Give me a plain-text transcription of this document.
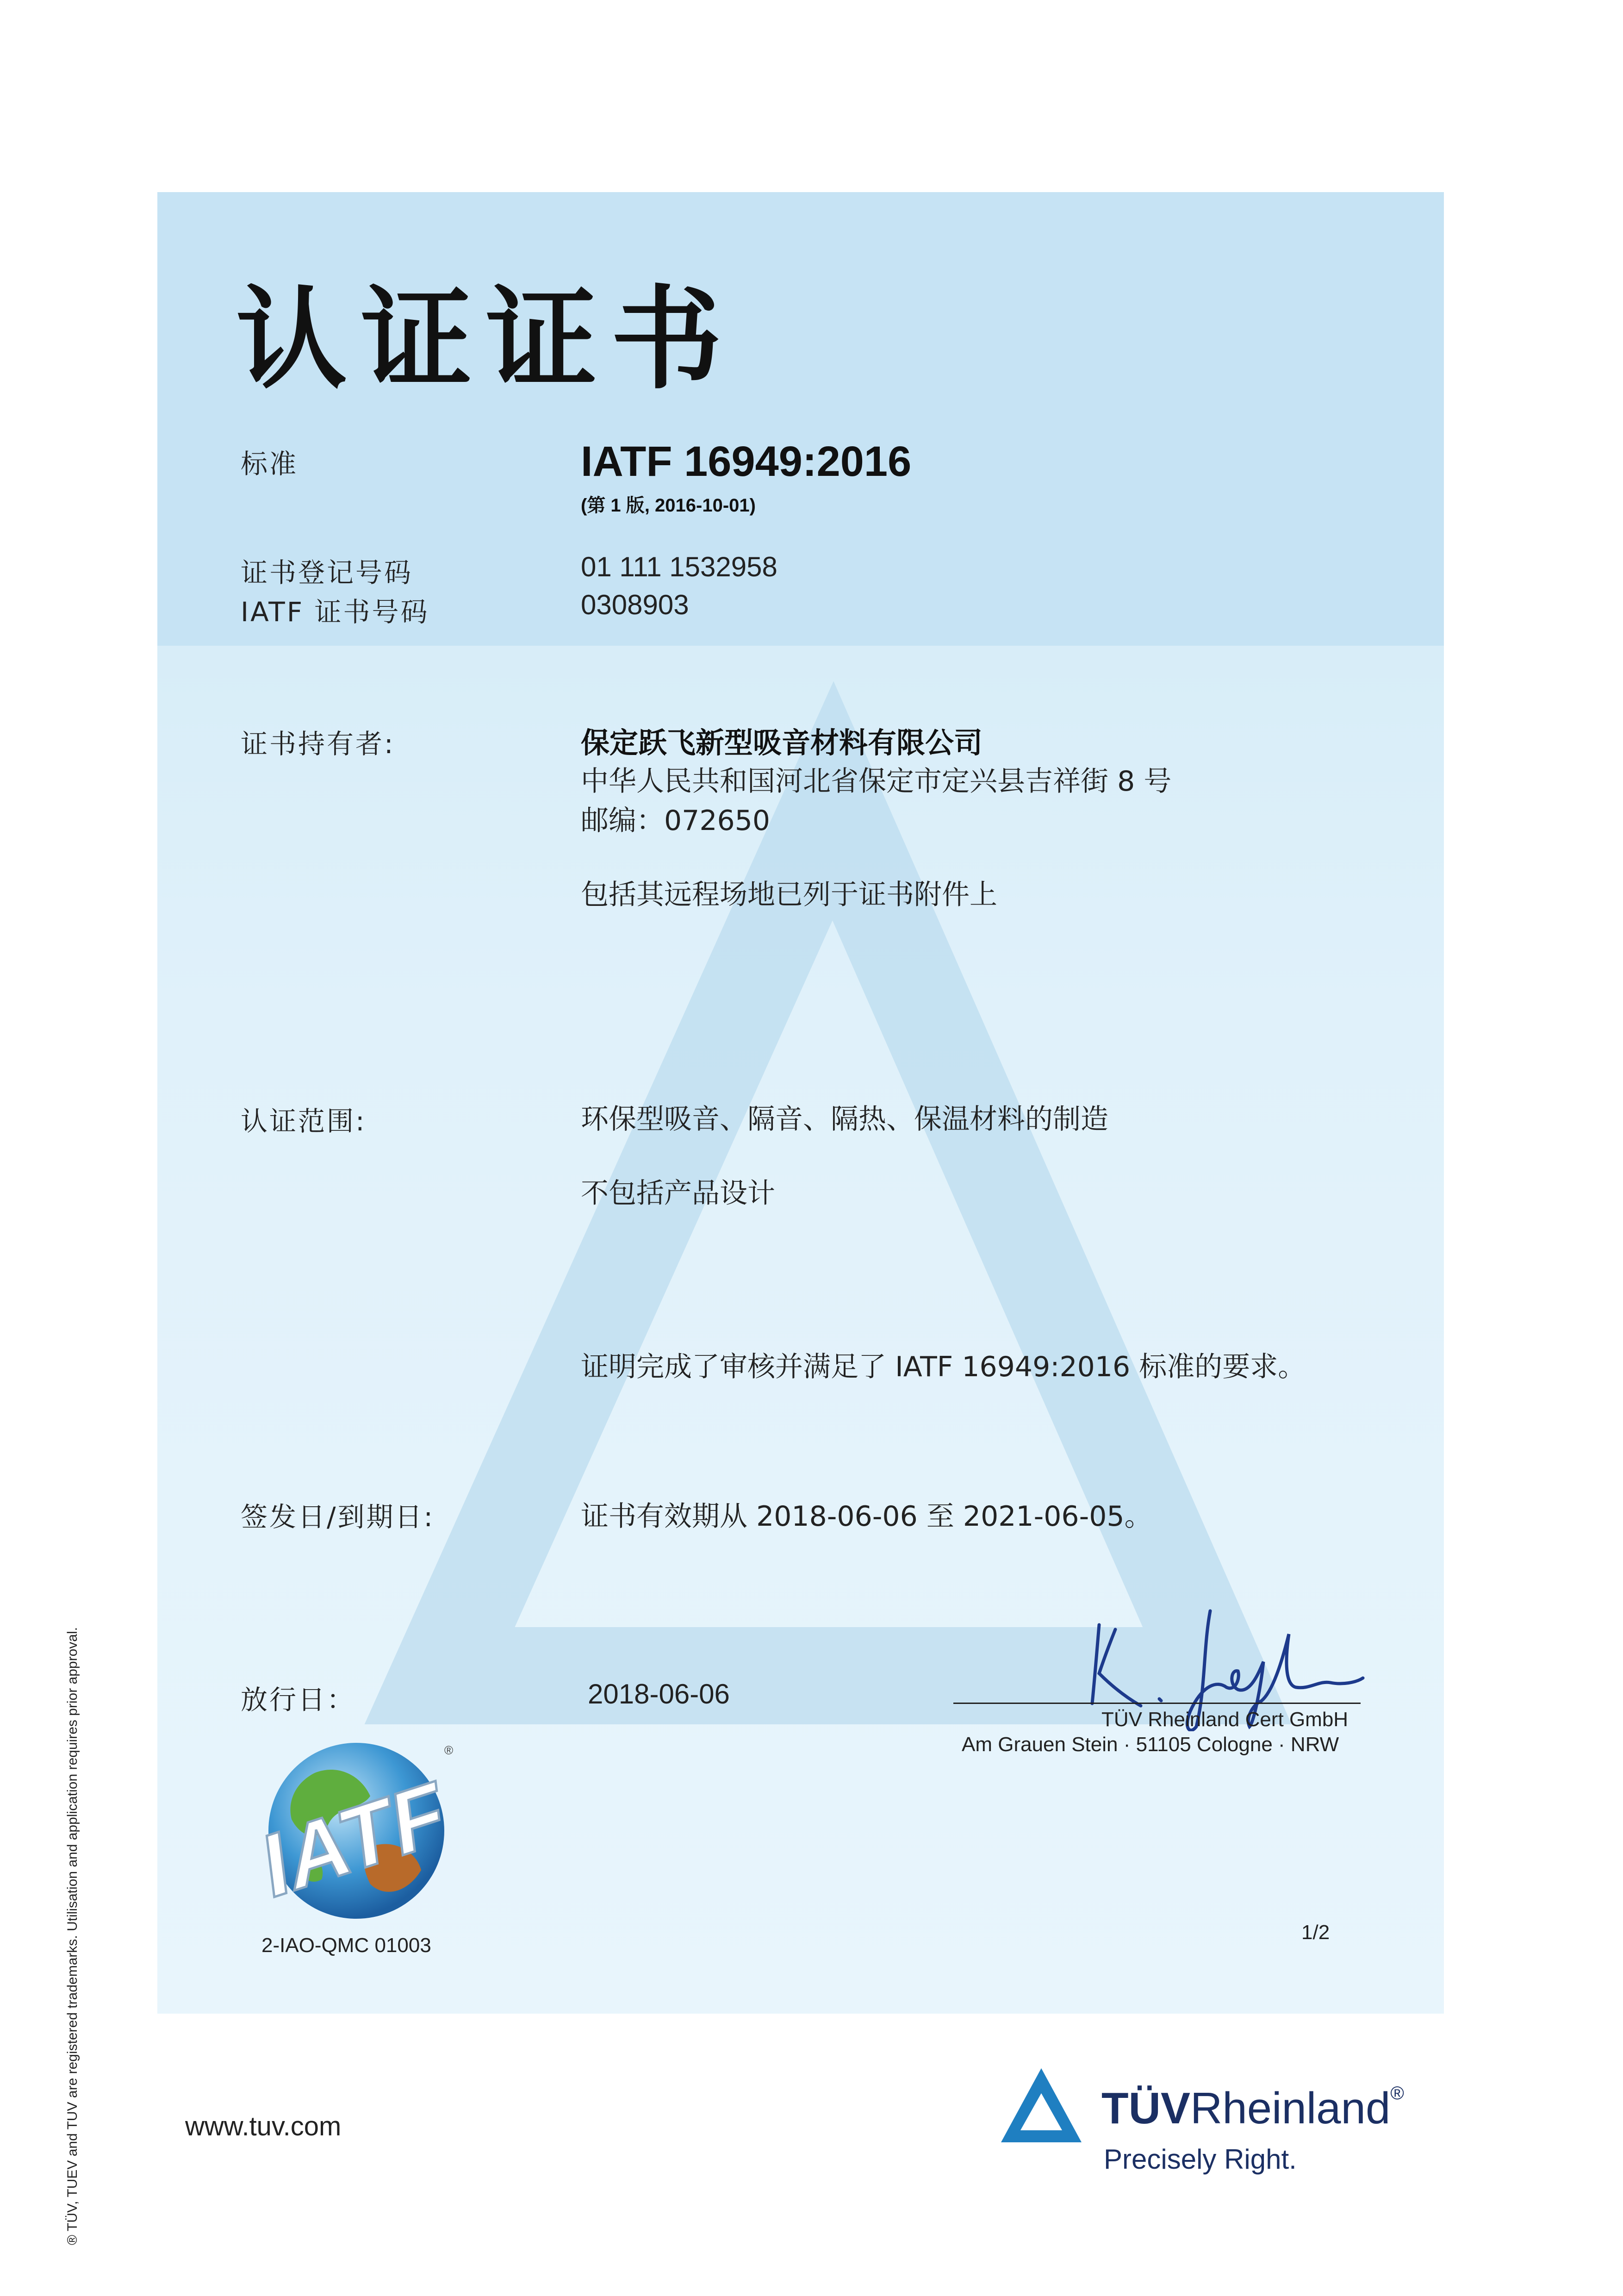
认证证书
标准	IATF 16949:2016
(第 1 版, 2016-10-01)
证书登记号码	01 111 1532958
IATF 证书号码	0308903
证书持有者:	保定跃飞新型吸音材料有限公司
中华人民共和国河北省保定市定兴县吉祥街 8 号
邮编：072650
包括其远程场地已列于证书附件上
认证范围:	环保型吸音、隔音、隔热、保温材料的制造
不包括产品设计
证明完成了审核并满足了 IATF 16949:2016 标准的要求。
签发日/到期日:	证书有效期从 2018-06-06 至 2021-06-05。
放行日：	2018-06-06
TÜV Rheinland Cert GmbH
Am Grauen Stein · 51105 Cologne · NRW
IATF
®
2-IAO-QMC 01003
1/2
® TÜV, TUEV and TUV are registered trademarks. Utilisation and application requires prior approval.	www.tuv.com	TÜVRheinland®
Precisely Right.
